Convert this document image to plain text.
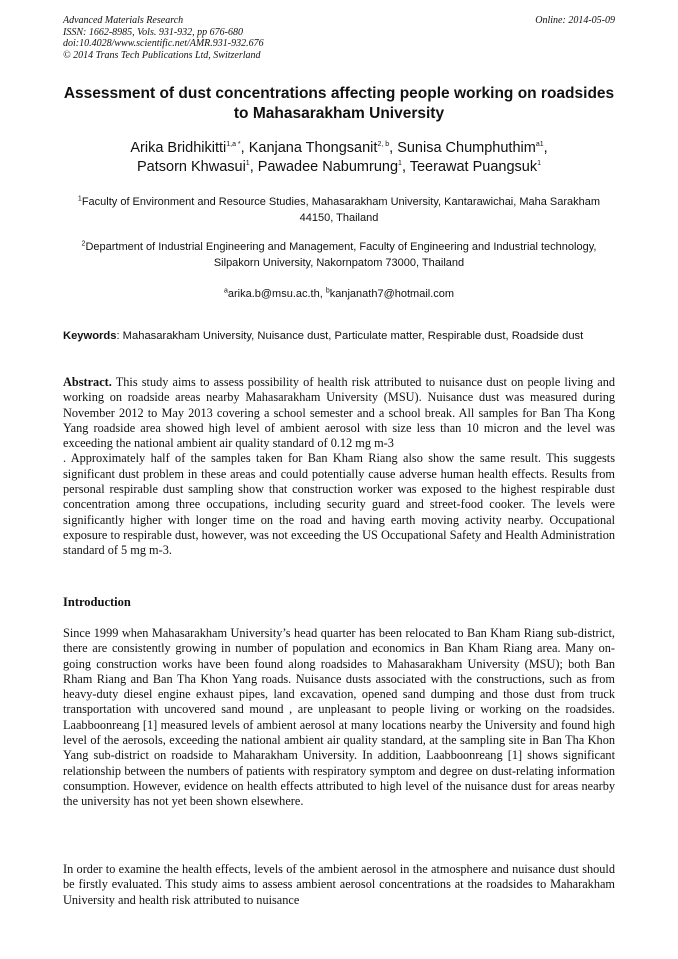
Advanced Materials Research
ISSN: 1662-8985, Vols. 931-932, pp 676-680
doi:10.4028/www.scientific.net/AMR.931-932.676
© 2014 Trans Tech Publications Ltd, Switzerland
Online: 2014-05-09
Assessment of dust concentrations affecting people working on roadsides to Mahasarakham University
Arika Bridhikitti$^{1,a *}$, Kanjana Thongsanit$^{2, b}$, Sunisa Chumphuthim$^{a1}$,
Patsorn Khwasui$^1$, Pawadee Nabumrung$^1$, Teerawat Puangsuk$^1$
$^1$Faculty of Environment and Resource Studies, Mahasarakham University, Kantarawichai, Maha Sarakham 44150, Thailand
$^2$Department of Industrial Engineering and Management, Faculty of Engineering and Industrial technology, Silpakorn University, Nakornpatom 73000, Thailand
$^a$arika.b@msu.ac.th, $^b$kanjanath7@hotmail.com
Keywords: Mahasarakham University, Nuisance dust, Particulate matter, Respirable dust, Roadside dust
Abstract. This study aims to assess possibility of health risk attributed to nuisance dust on people living and working on roadside areas nearby Mahasarakham University (MSU). Nuisance dust was measured during November 2012 to May 2013 covering a school semester and a school break. All samples for Ban Tha Kong Yang roadside area showed high level of ambient aerosol with size less than 10 micron and the level was exceeding the national ambient air quality standard of 0.12 mg m-3
. Approximately half of the samples taken for Ban Kham Riang also show the same result. This suggests significant dust problem in these areas and could potentially cause adverse human health effects. Results from personal respirable dust sampling show that construction worker was exposed to the highest respirable dust concentration among three occupations, including security guard and street-food cooker. The levels were significantly higher with longer time on the road and having earth moving activity nearby. Occupational exposure to respirable dust, however, was not exceeding the US Occupational Safety and Health Administration standard of 5 mg m-3.
Introduction
Since 1999 when Mahasarakham University’s head quarter has been relocated to Ban Kham Riang sub-district, there are consistently growing in number of population and economics in Ban Kham Riang area. Many on-going construction works have been found along roadsides to Mahasarakham University (MSU); both Ban Rham Riang and Ban Tha Khon Yang roads. Nuisance dusts associated with the constructions, such as from heavy-duty diesel engine exhaust pipes, land excavation, opened sand dumping and those dust from truck transportation with uncovered sand mound , are unpleasant to people living or working on the roadsides. Laabboonreang [1] measured levels of ambient aerosol at many locations nearby the University and found high level of the aerosols, exceeding the national ambient air quality standard, at the sampling site in Ban Tha Khon Yang sub-district on roadside to Maharakham University. In addition, Laabboonreang [1] shows significant relationship between the numbers of patients with respiratory symptom and degree on dust-relating information consumption. However, evidence on health effects attributed to high level of the nuisance dust for areas nearby the university has not yet been shown elsewhere.
In order to examine the health effects, levels of the ambient aerosol in the atmosphere and nuisance dust should be firstly evaluated. This study aims to assess ambient aerosol concentrations at the roadsides to Maharakham University and health risk attributed to nuisance
